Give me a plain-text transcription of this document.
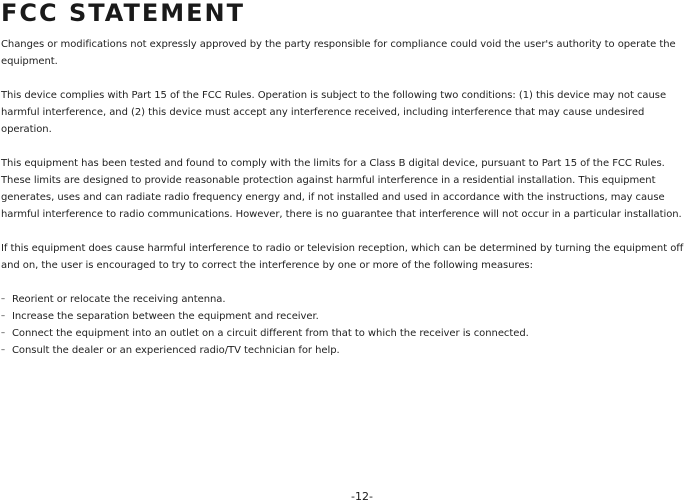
FCC STATEMENT

Changes or modifications not expressly approved by the party responsible for compliance could void the user's authority to operate the equipment.

This device complies with Part 15 of the FCC Rules. Operation is subject to the following two conditions: (1) this device may not cause harmful interference, and (2) this device must accept any interference received, including interference that may cause undesired operation.

This equipment has been tested and found to comply with the limits for a Class B digital device, pursuant to Part 15 of the FCC Rules. These limits are designed to provide reasonable protection against harmful interference in a residential installation. This equipment generates, uses and can radiate radio frequency energy and, if not installed and used in accordance with the instructions, may cause harmful interference to radio communications. However, there is no guarantee that interference will not occur in a particular installation.

If this equipment does cause harmful interference to radio or television reception, which can be determined by turning the equipment off and on, the user is encouraged to try to correct the interference by one or more of the following measures:

-- Reorient or relocate the receiving antenna.
-- Increase the separation between the equipment and receiver.
-- Connect the equipment into an outlet on a circuit different from that to which the receiver is connected.
-- Consult the dealer or an experienced radio/TV technician for help.
-12-
